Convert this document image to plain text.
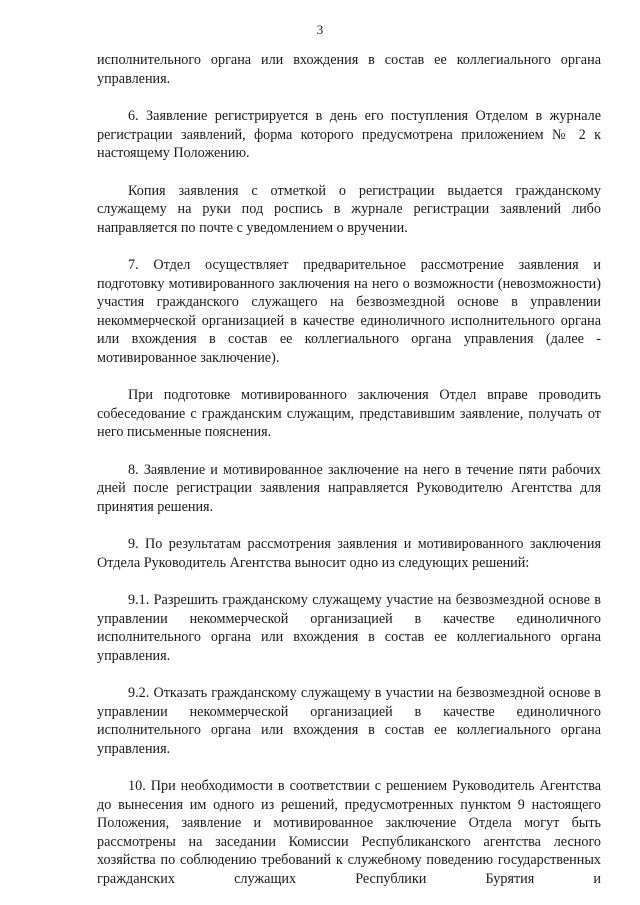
3

исполнительного органа или вхождения в состав ее коллегиального органа управления.

6. Заявление регистрируется в день его поступления Отделом в журнале регистрации заявлений, форма которого предусмотрена приложением № 2 к настоящему Положению.

Копия заявления с отметкой о регистрации выдается гражданскому служащему на руки под роспись в журнале регистрации заявлений либо направляется по почте с уведомлением о вручении.

7. Отдел осуществляет предварительное рассмотрение заявления и подготовку мотивированного заключения на него о возможности (невозможности) участия гражданского служащего на безвозмездной основе в управлении некоммерческой организацией в качестве единоличного исполнительного органа или вхождения в состав ее коллегиального органа управления (далее - мотивированное заключение).

При подготовке мотивированного заключения Отдел вправе проводить собеседование с гражданским служащим, представившим заявление, получать от него письменные пояснения.

8. Заявление и мотивированное заключение на него в течение пяти рабочих дней после регистрации заявления направляется Руководителю Агентства для принятия решения.

9. По результатам рассмотрения заявления и мотивированного заключения Отдела Руководитель Агентства выносит одно из следующих решений:

9.1. Разрешить гражданскому служащему участие на безвозмездной основе в управлении некоммерческой организацией в качестве единоличного исполнительного органа или вхождения в состав ее коллегиального органа управления.

9.2. Отказать гражданскому служащему в участии на безвозмездной основе в управлении некоммерческой организацией в качестве единоличного исполнительного органа или вхождения в состав ее коллегиального органа управления.

10. При необходимости в соответствии с решением Руководитель Агентства до вынесения им одного из решений, предусмотренных пунктом 9 настоящего Положения, заявление и мотивированное заключение Отдела могут быть рассмотрены на заседании Комиссии Республиканского агентства лесного хозяйства по соблюдению требований к служебному поведению государственных гражданских служащих Республики Бурятия и
